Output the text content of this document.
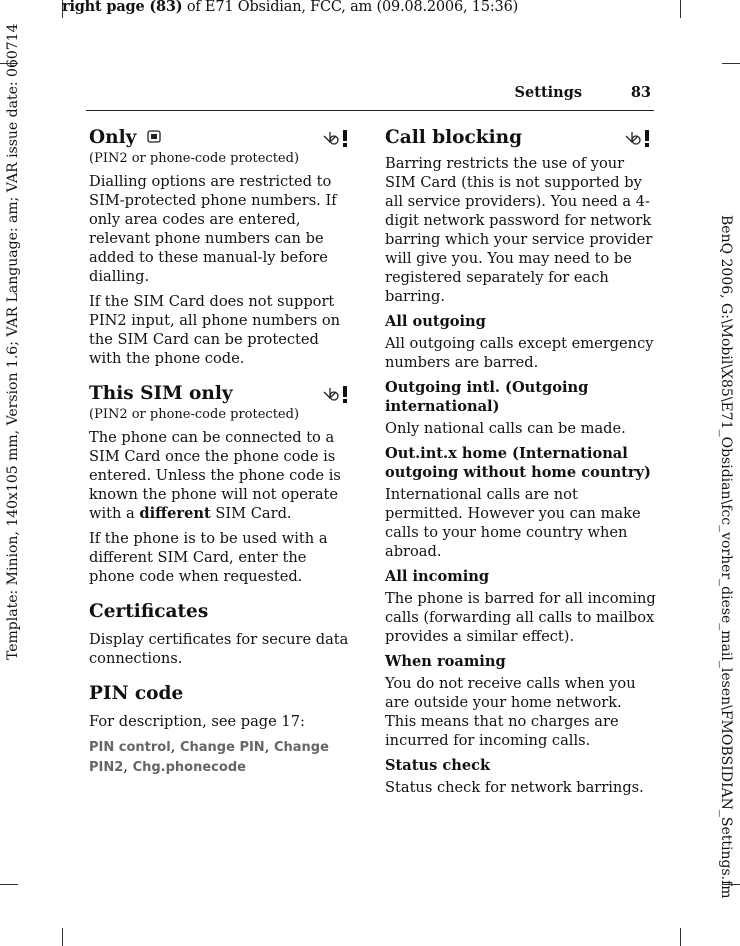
right page (83) of E71 Obsidian, FCC, am (09.08.2006, 15:36)
Template: Minion, 140x105 mm, Version 1.6; VAR Language: am; VAR issue date: 060714	BenQ 2006, G:\Mobil\X85\E71_Obsidian\fcc_vorher_diese_mail_lesen\FMOBSIDIAN_Settings.fm
Settings	83
Only

(PIN2 or phone-code protected)

Dialling options are restricted to SIM-protected phone numbers. If only area codes are entered, relevant phone numbers can be added to these manual-ly before dialling.

If the SIM Card does not support PIN2 input, all phone numbers on the SIM Card can be protected with the phone code.

This SIM only

(PIN2 or phone-code protected)

The phone can be connected to a SIM Card once the phone code is entered. Unless the phone code is known the phone will not operate with a different SIM Card.

If the phone is to be used with a different SIM Card, enter the phone code when requested.

Certificates

Display certificates for secure data connections.

PIN code

For description, see page 17:

PIN control, Change PIN, Change PIN2, Chg.phonecode

Call blocking

Barring restricts the use of your SIM Card (this is not supported by all service providers). You need a 4-digit network password for network barring which your service provider will give you. You may need to be registered separately for each barring.

All outgoing

All outgoing calls except emergency numbers are barred.

Outgoing intl. (Outgoing international)

Only national calls can be made.

Out.int.x home (International outgoing without home country)

International calls are not permitted. However you can make calls to your home country when abroad.

All incoming

The phone is barred for all incoming calls (forwarding all calls to mailbox provides a similar effect).

When roaming

You do not receive calls when you are outside your home network. This means that no charges are incurred for incoming calls.

Status check

Status check for network barrings.
